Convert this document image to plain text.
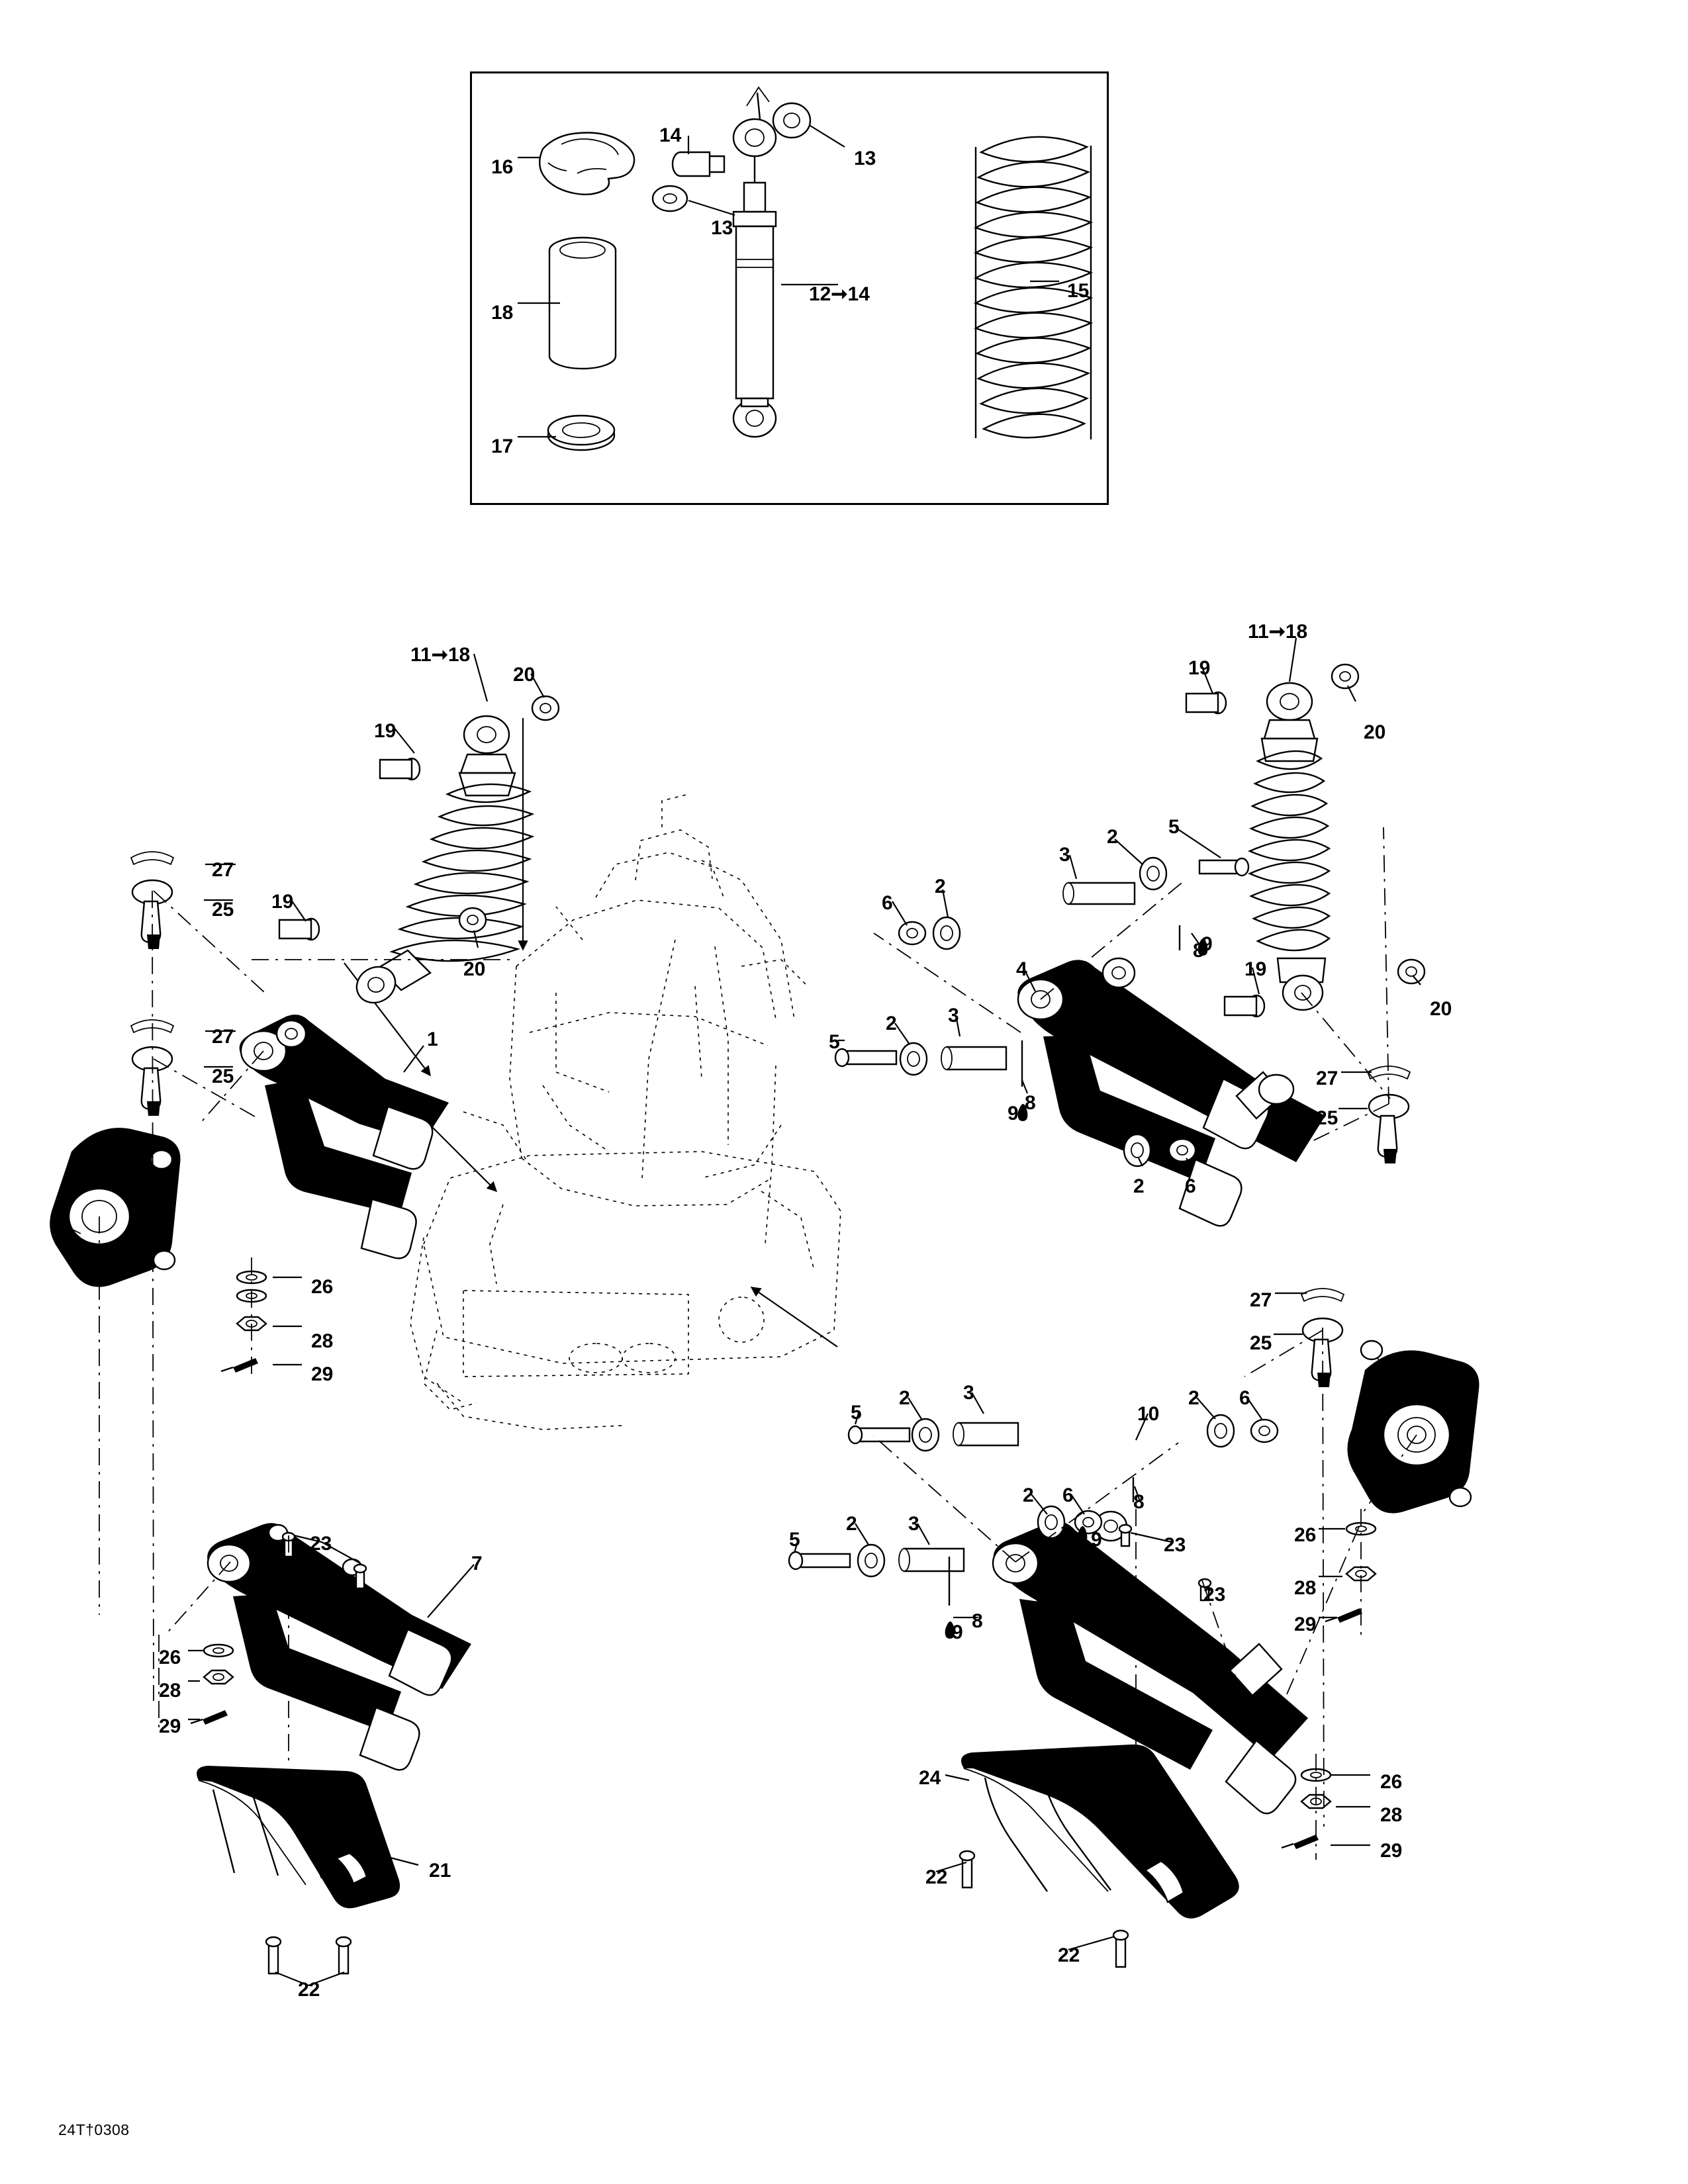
16
14
13
13
18
12➞14	15
17
11➞18
20
19
27
25 19
20
27
25
1
26
28
29
11➞18
19
20
3
2	5
6
2
8
9
19
4
5
2	3
8
9
20
27
25
2 6
27
25
5
2	3
10
2 6
2 6	8
9
5
2	3
8
9
23
23
26
28
29
23
7
26
28
29
21
22
24
22
22
26
28
29
24T†0308
